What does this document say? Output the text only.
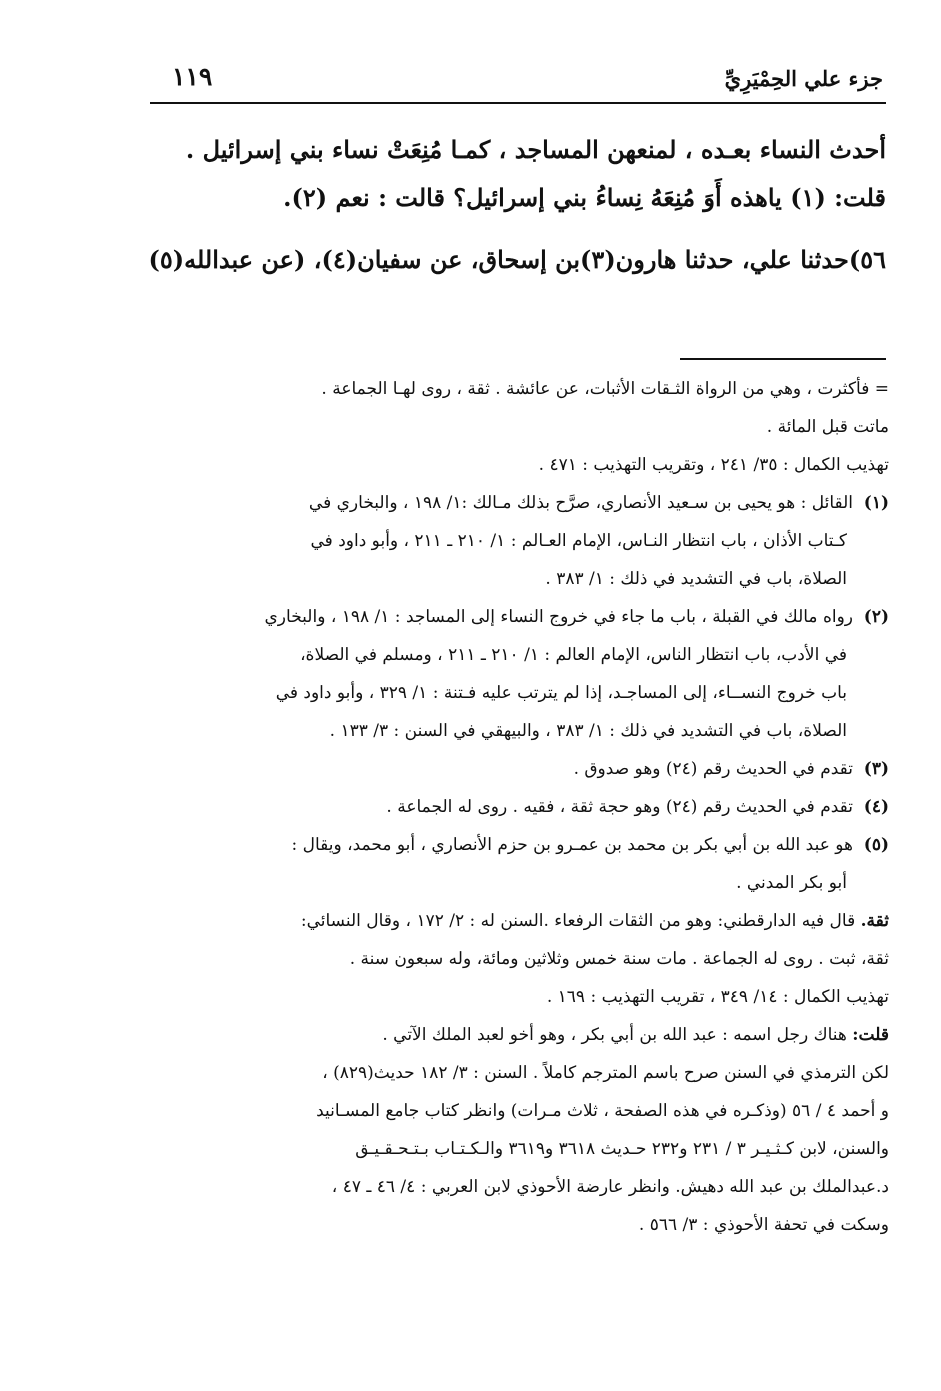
جزء علي الحِمْيَرِيِّ
١١٩
أحدث النساء بعـده ، لمنعهن المساجد ، كمـا مُنِعَتْ نساء بني إسرائيل .
قلت: (١) ياهذه أَوَ مُنِعَهُ نِساءُ بني إسرائيل؟ قالت : نعم (٢).
٥٦)حدثنا علي، حدثنا هارون(٣)بن إسحاق، عن سفيان(٤)، (عن عبدالله(٥)
= فأكثرت ، وهي من الرواة الثـقات الأثبات، عن عائشة . ثقة ، روى لهـا الجماعة .
ماتت قبل المائة .
تهذيب الكمال : ٣٥/ ٢٤١ ، وتقريب التهذيب : ٤٧١ .
(١)القائل : هو يحيى بن سـعيد الأنصاري، صرَّح بذلك مـالك :١/ ١٩٨ ، والبخاري في
كـتاب الأذان ، باب انتظار النـاس، الإمام العـالم : ١/ ٢١٠ ـ ٢١١ ، وأبو داود في
الصلاة، باب في التشديد في ذلك : ١/ ٣٨٣ .
(٢)رواه مالك في القبلة ، باب ما جاء في خروج النساء إلى المساجد : ١/ ١٩٨ ، والبخاري
في الأدب، باب انتظار الناس، الإمام العالم : ١/ ٢١٠ ـ ٢١١ ، ومسلم في الصلاة،
باب خروج النســاء، إلى المساجـد، إذا لم يترتب عليه فـتنة : ١/ ٣٢٩ ، وأبو داود في
الصلاة، باب في التشديد في ذلك : ١/ ٣٨٣ ، والبيهقي في السنن : ٣/ ١٣٣ .
(٣)تقدم في الحديث رقم (٢٤) وهو صدوق .
(٤)تقدم في الحديث رقم (٢٤) وهو حجة ثقة ، فقيه . روى له الجماعة .
(٥)هو عبد الله بن أبي بكر بن محمد بن عمـرو بن حزم الأنصاري ، أبو محمد، ويقال :
أبو بكر المدني .
ثقة. قال فيه الدارقطني: وهو من الثقات الرفعاء .السنن له : ٢/ ١٧٢ ، وقال النسائي:
ثقة، ثبت . روى له الجماعة . مات سنة خمس وثلاثين ومائة، وله سبعون سنة .
تهذيب الكمال : ١٤/ ٣٤٩ ، تقريب التهذيب : ١٦٩ .
قلت: هناك رجل اسمه : عبد الله بن أبي بكر ، وهو أخو لعبد الملك الآتي .
لكن الترمذي في السنن صرح باسم المترجم كاملاً . السنن : ٣/ ١٨٢ حديث(٨٢٩) ،
و أحمد ٤ / ٥٦ (وذكـره في هذه الصفحة ، ثلاث مـرات) وانظر كتاب جامع المسـانيد
والسنن، لابن كـثـيـر ٣ / ٢٣١ و٢٣٢ حـديث ٣٦١٨ و٣٦١٩ والـكـتـاب بـتـحـقـيـق
د.عبدالملك بن عبد الله دهيش. وانظر عارضة الأحوذي لابن العربي : ٤/ ٤٦ ـ ٤٧ ،
وسكت في تحفة الأحوذي : ٣/ ٥٦٦ .
